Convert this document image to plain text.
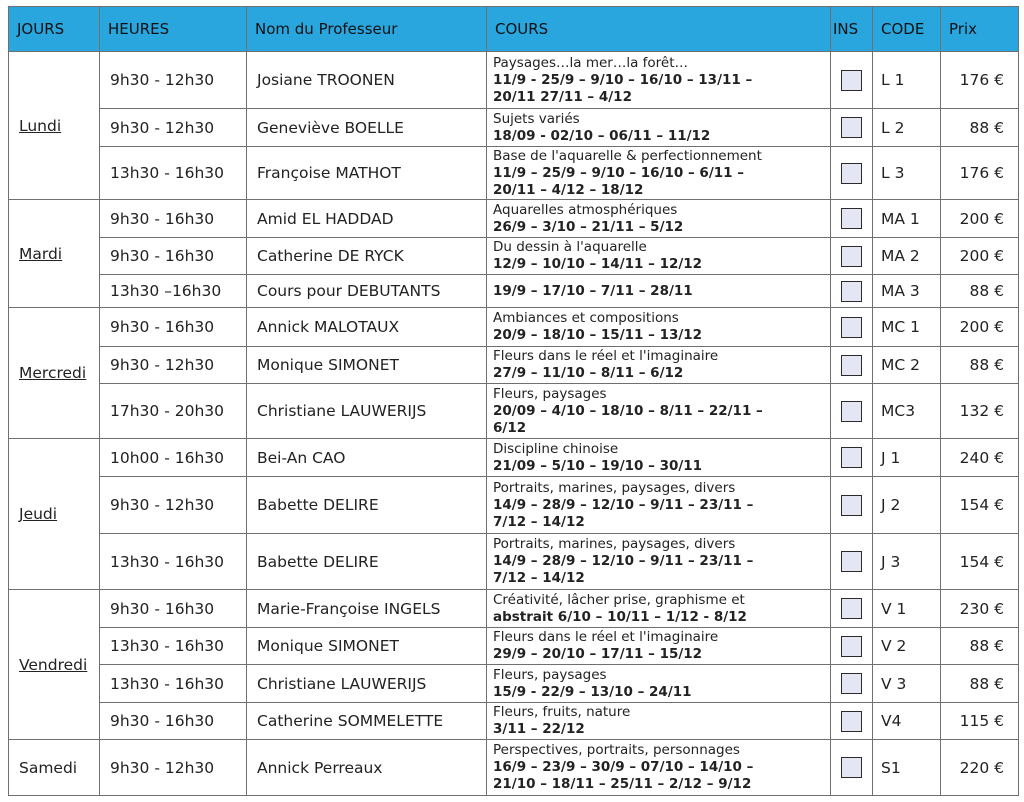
JOURS	HEURES	Nom du Professeur	COURS	INS	CODE	Prix
Lundi	9h30 - 12h30	Josiane TROONEN	Paysages…la mer…la forêt…
11/9 - 25/9 – 9/10 – 16/10 – 13/11 –
20/11 27/11 – 4/12		L 1	176 €
	9h30 - 12h30	Geneviève BOELLE	Sujets variés
18/09 - 02/10 – 06/11 – 11/12		L 2	88 €
	13h30 - 16h30	Françoise MATHOT	Base de l'aquarelle & perfectionnement
11/9 – 25/9 – 9/10 – 16/10 – 6/11 –
20/11 – 4/12 – 18/12		L 3	176 €
Mardi	9h30 - 16h30	Amid EL HADDAD	Aquarelles atmosphériques
26/9 – 3/10 – 21/11 – 5/12		MA 1	200 €
	9h30 - 16h30	Catherine DE RYCK	Du dessin à l'aquarelle
12/9 – 10/10 – 14/11 – 12/12		MA 2	200 €
	13h30 –16h30	Cours pour DEBUTANTS	19/9 – 17/10 – 7/11 – 28/11		MA 3	88 €
Mercredi	9h30 - 16h30	Annick MALOTAUX	Ambiances et compositions
20/9 – 18/10 – 15/11 – 13/12		MC 1	200 €
	9h30 - 12h30	Monique SIMONET	Fleurs dans le réel et l'imaginaire
27/9 – 11/10 – 8/11 – 6/12		MC 2	88 €
	17h30 - 20h30	Christiane LAUWERIJS	Fleurs, paysages
20/09 – 4/10 – 18/10 – 8/11 – 22/11 –
6/12		MC3	132 €
Jeudi	10h00 - 16h30	Bei-An CAO	Discipline chinoise
21/09 – 5/10 – 19/10 – 30/11		J 1	240 €
	9h30 - 12h30	Babette DELIRE	Portraits, marines, paysages, divers
14/9 – 28/9 – 12/10 – 9/11 – 23/11 –
7/12 – 14/12		J 2	154 €
	13h30 - 16h30	Babette DELIRE	Portraits, marines, paysages, divers
14/9 – 28/9 – 12/10 – 9/11 – 23/11 –
7/12 – 14/12		J 3	154 €
Vendredi	9h30 - 16h30	Marie-Françoise INGELS	Créativité, lâcher prise, graphisme et
abstrait 6/10 – 10/11 – 1/12 - 8/12		V 1	230 €
	13h30 - 16h30	Monique SIMONET	Fleurs dans le réel et l'imaginaire
29/9 – 20/10 – 17/11 – 15/12		V 2	88 €
	13h30 - 16h30	Christiane LAUWERIJS	Fleurs, paysages
15/9 - 22/9 – 13/10 – 24/11		V 3	88 €
	9h30 - 16h30	Catherine SOMMELETTE	Fleurs, fruits, nature
3/11 – 22/12		V4	115 €
Samedi	9h30 - 12h30	Annick Perreaux	Perspectives, portraits, personnages
16/9 – 23/9 – 30/9 – 07/10 – 14/10 –
21/10 – 18/11 – 25/11 – 2/12 – 9/12		S1	220 €
